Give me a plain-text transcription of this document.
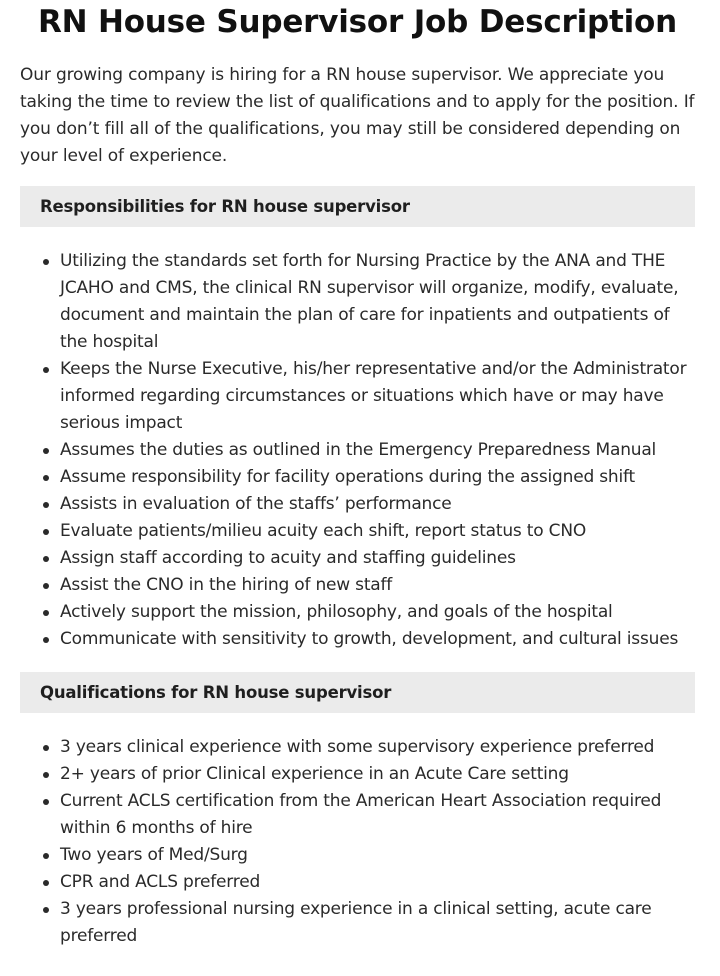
RN House Supervisor Job Description

Our growing company is hiring for a RN house supervisor. We appreciate you taking the time to review the list of qualifications and to apply for the position. If you don’t fill all of the qualifications, you may still be considered depending on your level of experience.

Responsibilities for RN house supervisor
Utilizing the standards set forth for Nursing Practice by the ANA and THE JCAHO and CMS, the clinical RN supervisor will organize, modify, evaluate, document and maintain the plan of care for inpatients and outpatients of the hospital
Keeps the Nurse Executive, his/her representative and/or the Administrator informed regarding circumstances or situations which have or may have serious impact
Assumes the duties as outlined in the Emergency Preparedness Manual
Assume responsibility for facility operations during the assigned shift
Assists in evaluation of the staffs’ performance
Evaluate patients/milieu acuity each shift, report status to CNO
Assign staff according to acuity and staffing guidelines
Assist the CNO in the hiring of new staff
Actively support the mission, philosophy, and goals of the hospital
Communicate with sensitivity to growth, development, and cultural issues
Qualifications for RN house supervisor
3 years clinical experience with some supervisory experience preferred
2+ years of prior Clinical experience in an Acute Care setting
Current ACLS certification from the American Heart Association required within 6 months of hire
Two years of Med/Surg
CPR and ACLS preferred
3 years professional nursing experience in a clinical setting, acute care preferred
